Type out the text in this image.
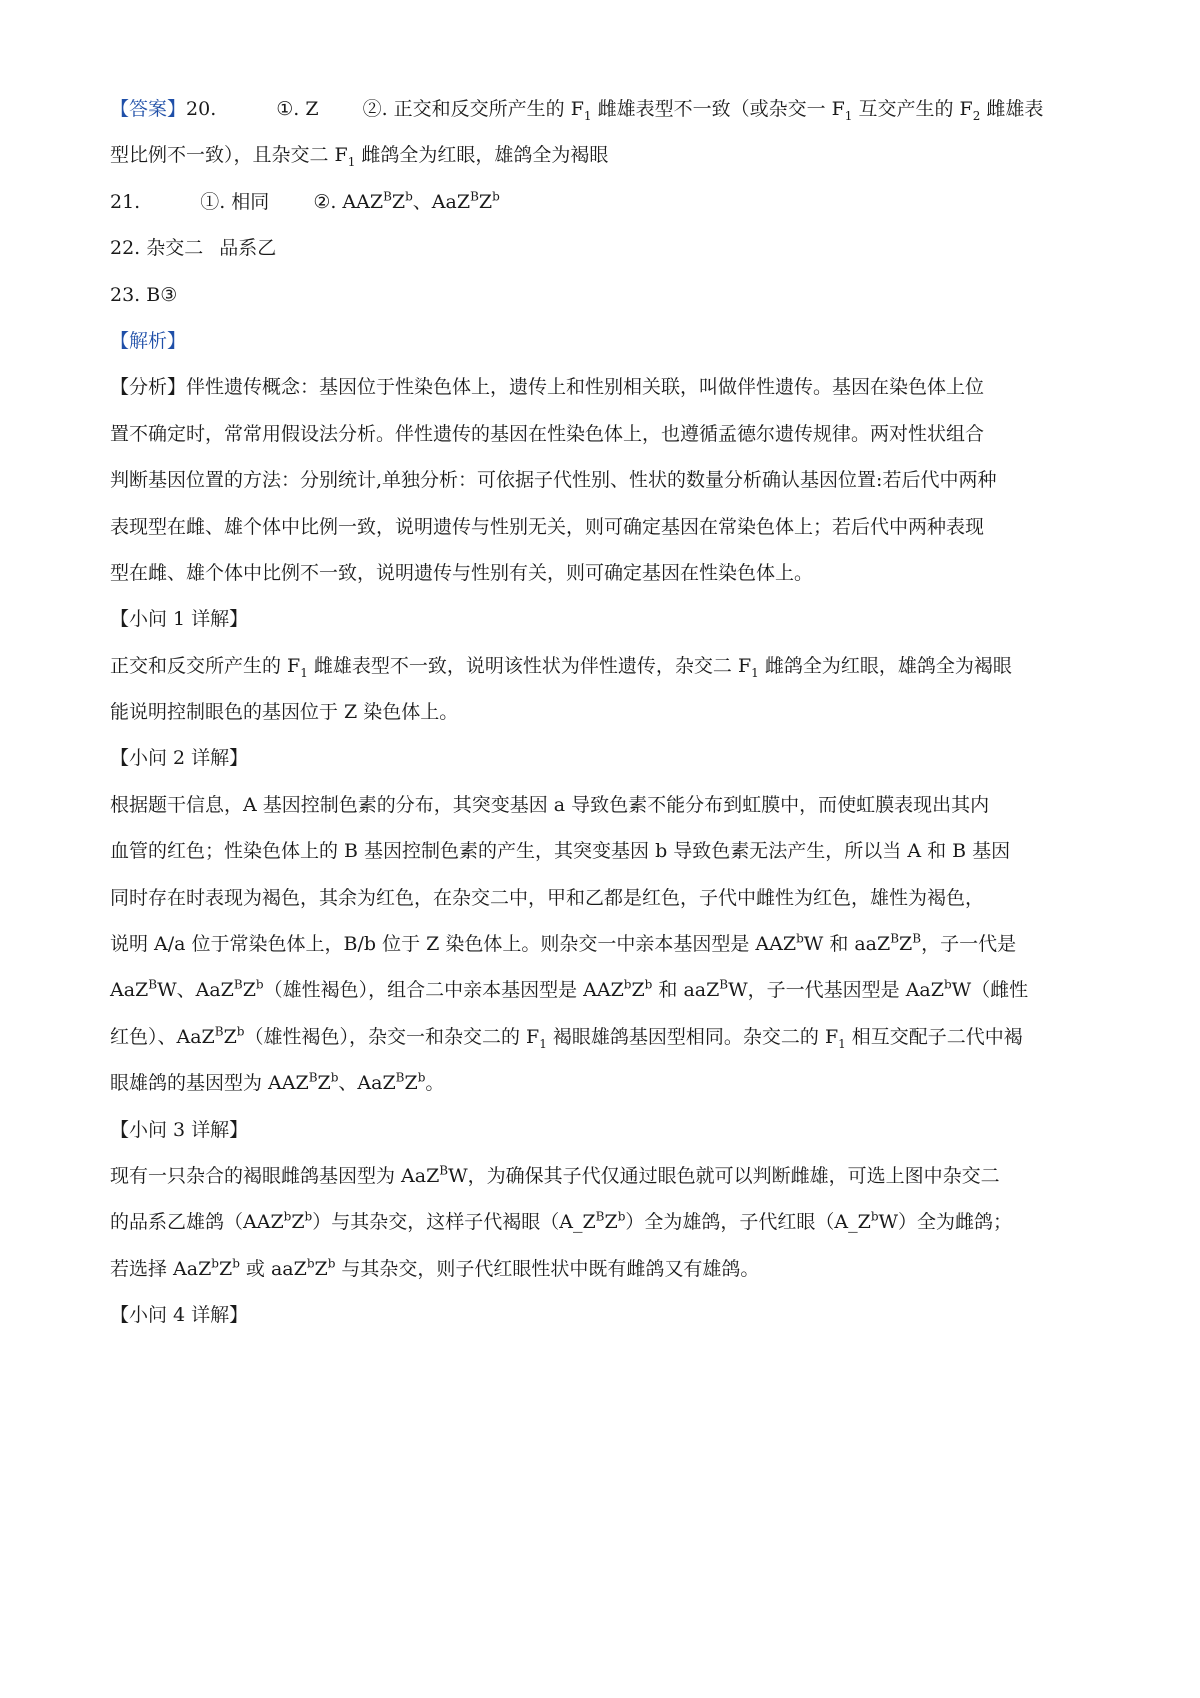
【答案】20.	①. Z ②. 正交和反交所产生的 $F_1$ 雌雄表型不一致（或杂交一 $F_1$ 互交产生的 $F_2$ 雌雄表
型比例不一致），且杂交二 $F_1$ 雌鸽全为红眼，雄鸽全为褐眼
21.	①. 相同 ②. $AAZ^BZ^b$、$AaZ^BZ^b$
22. 杂交二 品系乙
23. B③
【解析】
【分析】伴性遗传概念：基因位于性染色体上，遗传上和性别相关联，叫做伴性遗传。基因在染色体上位
置不确定时，常常用假设法分析。伴性遗传的基因在性染色体上，也遵循孟德尔遗传规律。两对性状组合
判断基因位置的方法：分别统计,单独分析：可依据子代性别、性状的数量分析确认基因位置:若后代中两种
表现型在雌、雄个体中比例一致，说明遗传与性别无关，则可确定基因在常染色体上；若后代中两种表现
型在雌、雄个体中比例不一致，说明遗传与性别有关，则可确定基因在性染色体上。
【小问 1 详解】
正交和反交所产生的 $F_1$ 雌雄表型不一致，说明该性状为伴性遗传，杂交二 $F_1$ 雌鸽全为红眼，雄鸽全为褐眼
能说明控制眼色的基因位于 Z 染色体上。
【小问 2 详解】
根据题干信息，A 基因控制色素的分布，其突变基因 a 导致色素不能分布到虹膜中，而使虹膜表现出其内
血管的红色；性染色体上的 B 基因控制色素的产生，其突变基因 b 导致色素无法产生，所以当 A 和 B 基因
同时存在时表现为褐色，其余为红色，在杂交二中，甲和乙都是红色，子代中雌性为红色，雄性为褐色，
说明 A/a 位于常染色体上，B/b 位于 Z 染色体上。则杂交一中亲本基因型是 AAZ$^b$W 和 $aaZ^BZ^B$，子一代是
AaZ$^B$W、$AaZ^BZ^b$（雄性褐色），组合二中亲本基因型是 $AAZ^bZ^b$ 和 aaZ$^B$W，子一代基因型是 AaZ$^b$W（雌性
红色）、$AaZ^BZ^b$（雄性褐色），杂交一和杂交二的 $F_1$ 褐眼雄鸽基因型相同。杂交二的 $F_1$ 相互交配子二代中褐
眼雄鸽的基因型为 $AAZ^BZ^b$、$AaZ^BZ^b$。
【小问 3 详解】
现有一只杂合的褐眼雌鸽基因型为 AaZ$^B$W，为确保其子代仅通过眼色就可以判断雌雄，可选上图中杂交二
的品系乙雄鸽$(AAZ^bZ^b)$与其杂交，这样子代褐眼$(A\_Z^BZ^b)$全为雄鸽，子代红眼$(A\_Z^bW)$全为雌鸽；
若选择 $AaZ^bZ^b$ 或 $aaZ^bZ^b$ 与其杂交，则子代红眼性状中既有雌鸽又有雄鸽。
【小问 4 详解】
